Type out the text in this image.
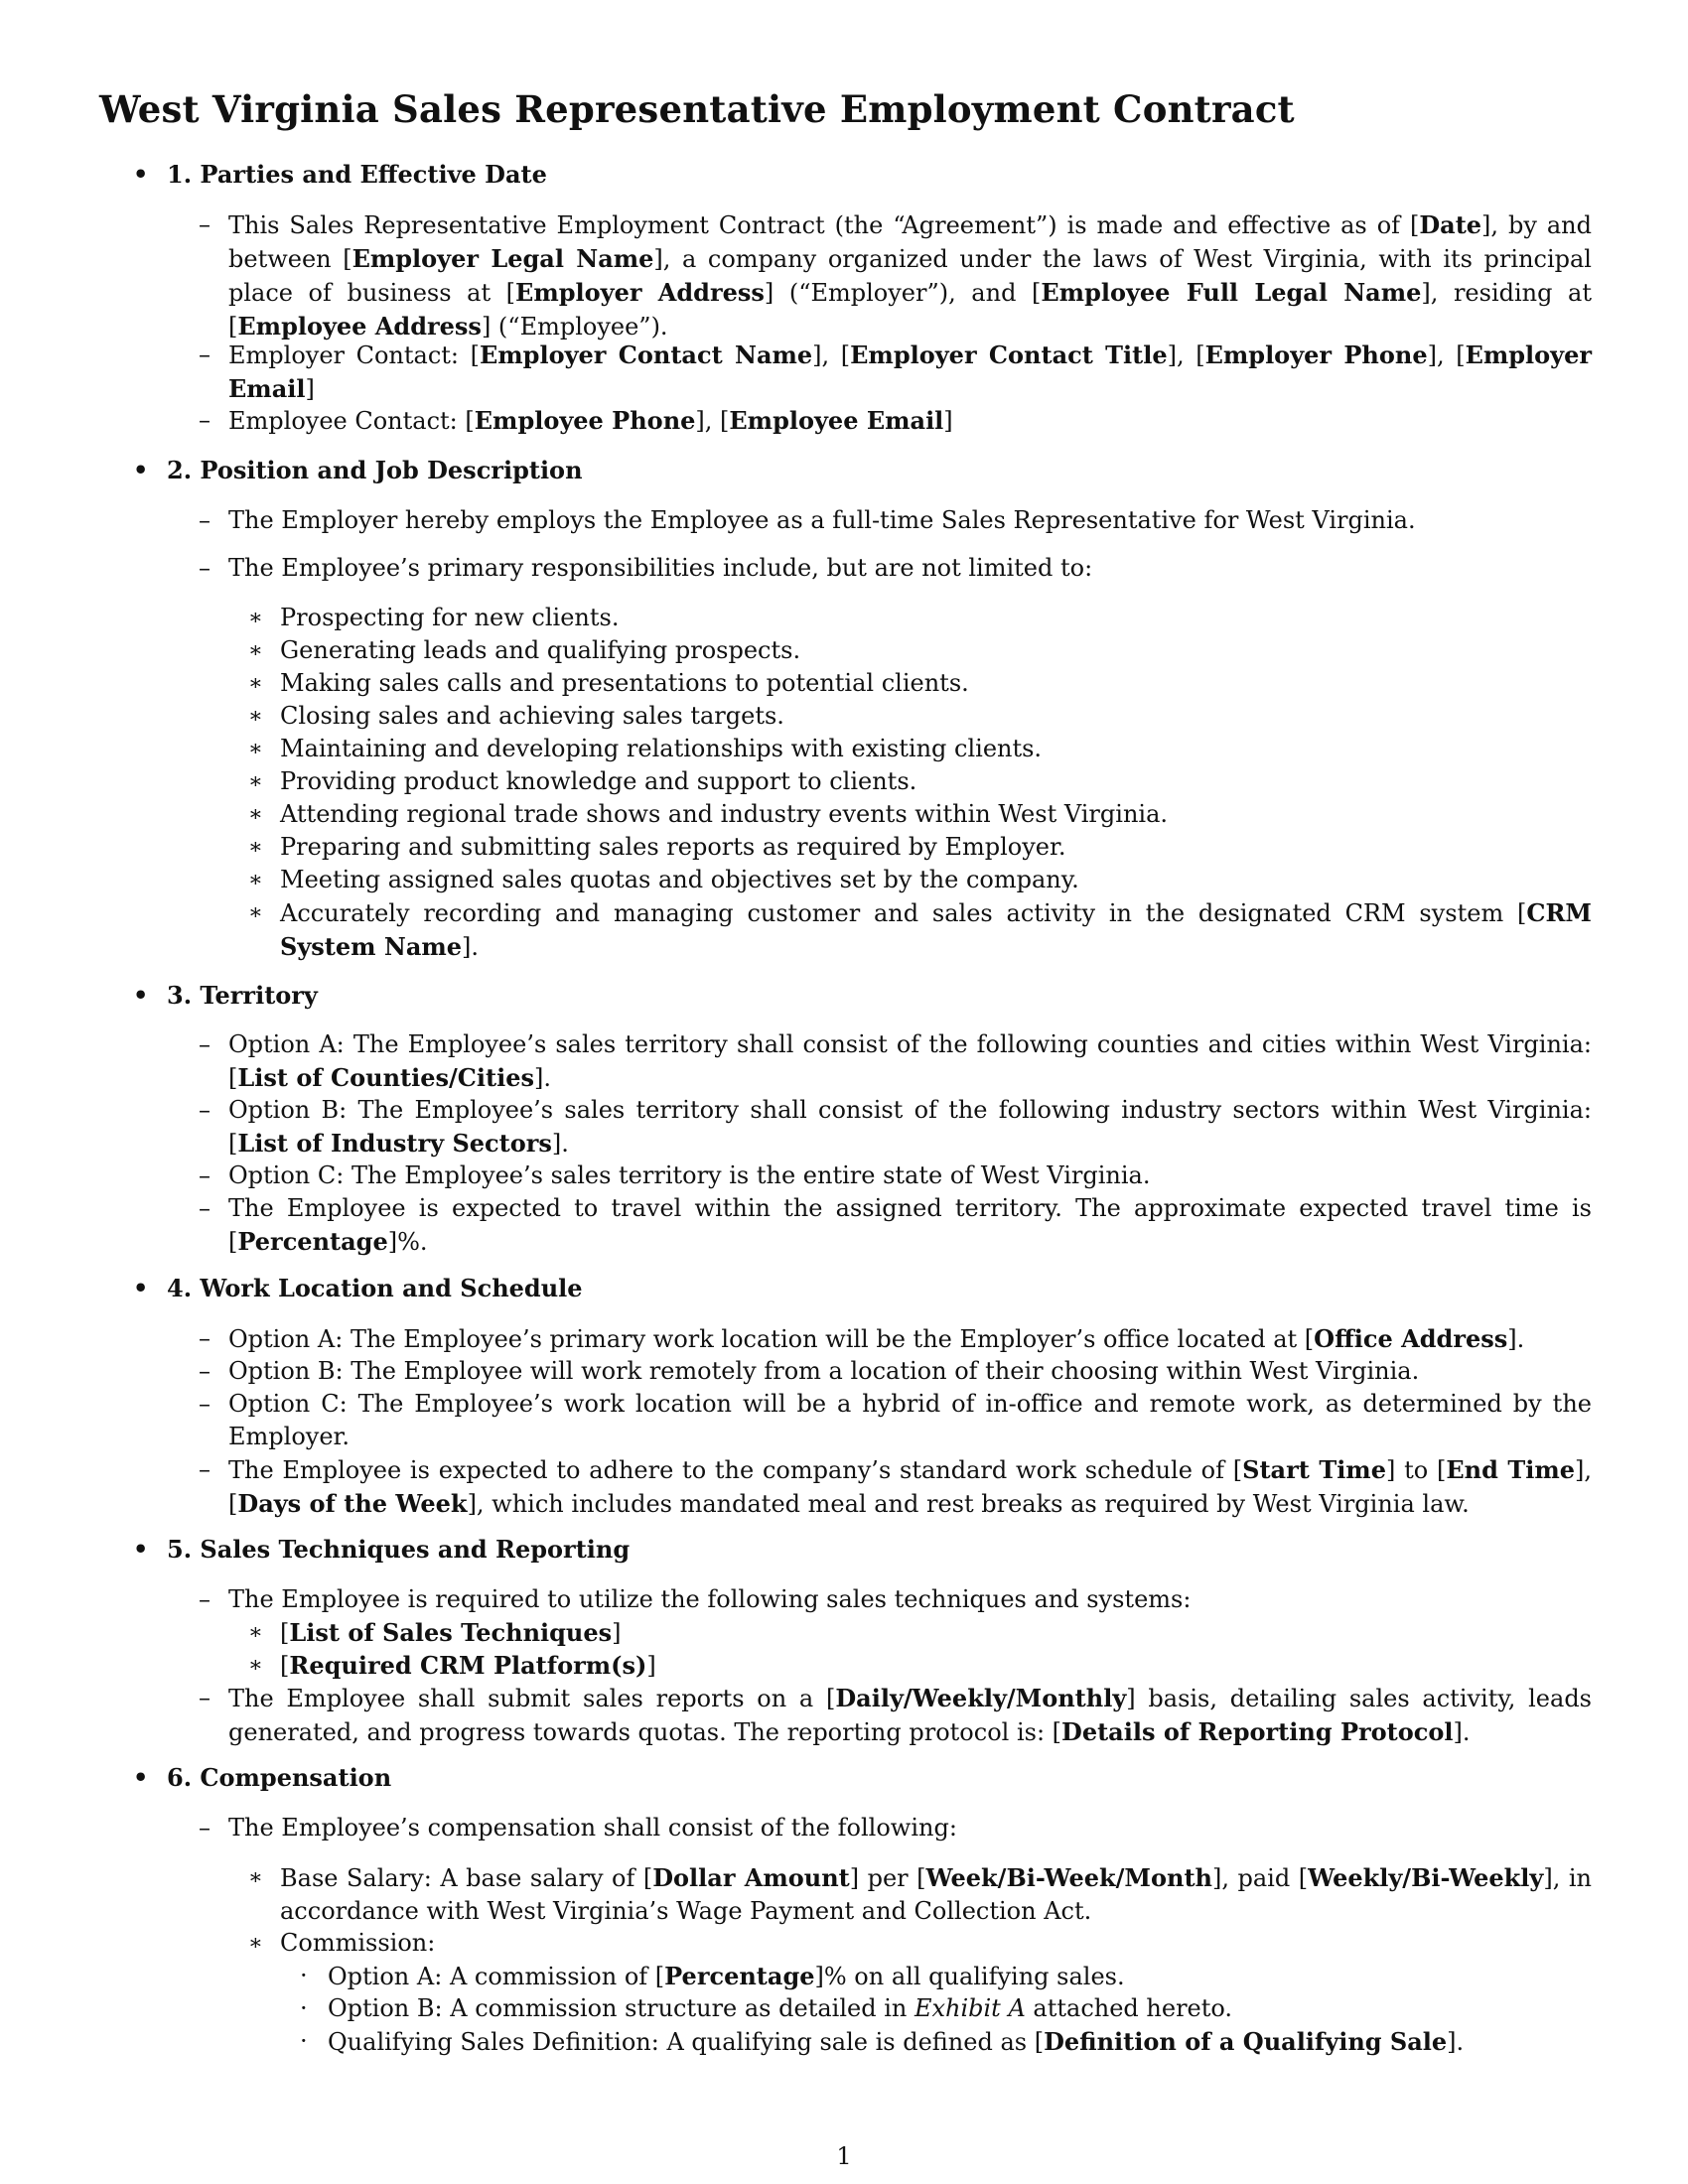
West Virginia Sales Representative Employment Contract
• 1. Parties and Effective Date
– This Sales Representative Employment Contract (the “Agreement”) is made and effective as of [Date], by and between [Employer Legal Name], a company organized under the laws of West Virginia, with its principal place of business at [Employer Address] (“Employer”), and [Employee Full Legal Name], residing at [Employee Address] (“Employee”).
– Employer Contact: [Employer Contact Name], [Employer Contact Title], [Employer Phone], [Employer Email]
– Employee Contact: [Employee Phone], [Employee Email]
• 2. Position and Job Description
– The Employer hereby employs the Employee as a full-time Sales Representative for West Virginia.
– The Employee’s primary responsibilities include, but are not limited to:
∗ Prospecting for new clients.
∗ Generating leads and qualifying prospects.
∗ Making sales calls and presentations to potential clients.
∗ Closing sales and achieving sales targets.
∗ Maintaining and developing relationships with existing clients.
∗ Providing product knowledge and support to clients.
∗ Attending regional trade shows and industry events within West Virginia.
∗ Preparing and submitting sales reports as required by Employer.
∗ Meeting assigned sales quotas and objectives set by the company.
∗ Accurately recording and managing customer and sales activity in the designated CRM system [CRM System Name].
• 3. Territory
– Option A: The Employee’s sales territory shall consist of the following counties and cities within West Virginia: [List of Counties/Cities].
– Option B: The Employee’s sales territory shall consist of the following industry sectors within West Virginia: [List of Industry Sectors].
– Option C: The Employee’s sales territory is the entire state of West Virginia.
– The Employee is expected to travel within the assigned territory. The approximate expected travel time is [Percentage]%.
• 4. Work Location and Schedule
– Option A: The Employee’s primary work location will be the Employer’s office located at [Office Address].
– Option B: The Employee will work remotely from a location of their choosing within West Virginia.
– Option C: The Employee’s work location will be a hybrid of in-office and remote work, as determined by the Employer.
– The Employee is expected to adhere to the company’s standard work schedule of [Start Time] to [End Time], [Days of the Week], which includes mandated meal and rest breaks as required by West Virginia law.
• 5. Sales Techniques and Reporting
– The Employee is required to utilize the following sales techniques and systems:
∗ [List of Sales Techniques]
∗ [Required CRM Platform(s)]
– The Employee shall submit sales reports on a [Daily/Weekly/Monthly] basis, detailing sales activity, leads generated, and progress towards quotas. The reporting protocol is: [Details of Reporting Protocol].
• 6. Compensation
– The Employee’s compensation shall consist of the following:
∗ Base Salary: A base salary of [Dollar Amount] per [Week/Bi-Week/Month], paid [Weekly/Bi-Weekly], in accordance with West Virginia’s Wage Payment and Collection Act.
∗ Commission:
· Option A: A commission of [Percentage]% on all qualifying sales.
· Option B: A commission structure as detailed in Exhibit A attached hereto.
· Qualifying Sales Definition: A qualifying sale is defined as [Definition of a Qualifying Sale].
1
